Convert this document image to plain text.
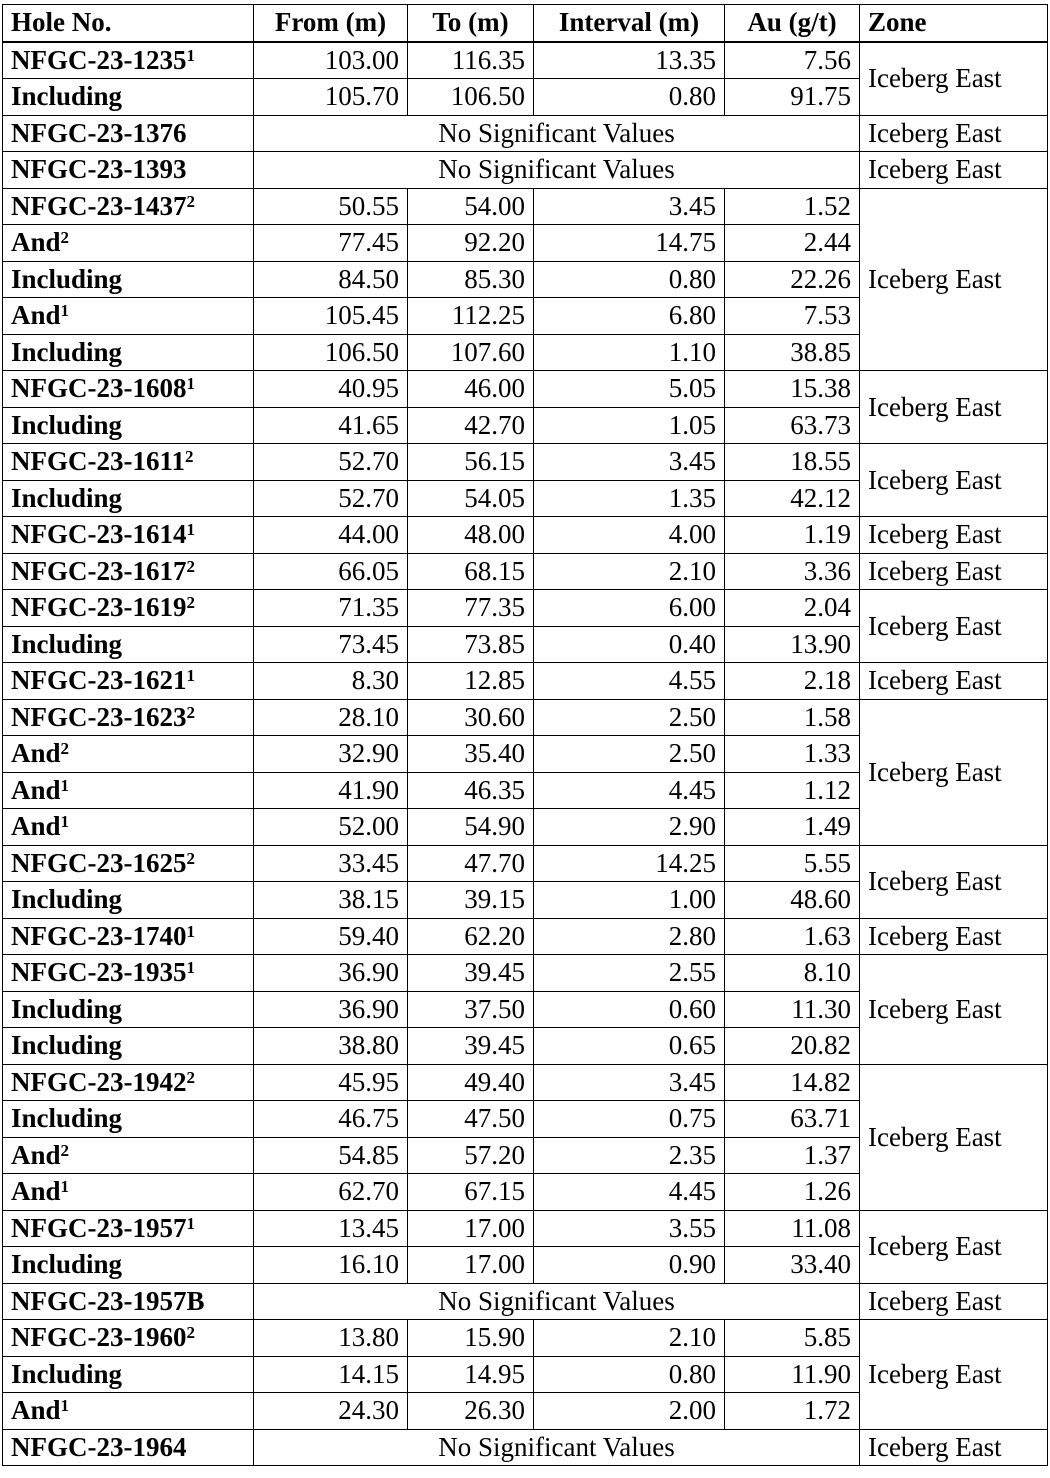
Hole No.	From (m)	To (m)	Interval (m)	Au (g/t)	Zone
NFGC-23-1235$^1$	103.00	116.35	13.35	7.56	Iceberg East
Including	105.70	106.50	0.80	91.75	
NFGC-23-1376	No Significant Values				Iceberg East
NFGC-23-1393	No Significant Values				Iceberg East
NFGC-23-1437$^2$	50.55	54.00	3.45	1.52	Iceberg East
And$^2$	77.45	92.20	14.75	2.44	
Including	84.50	85.30	0.80	22.26	
And$^1$	105.45	112.25	6.80	7.53	
Including	106.50	107.60	1.10	38.85	
NFGC-23-1608$^1$	40.95	46.00	5.05	15.38	Iceberg East
Including	41.65	42.70	1.05	63.73	
NFGC-23-1611$^2$	52.70	56.15	3.45	18.55	Iceberg East
Including	52.70	54.05	1.35	42.12	
NFGC-23-1614$^1$	44.00	48.00	4.00	1.19	Iceberg East
NFGC-23-1617$^2$	66.05	68.15	2.10	3.36	Iceberg East
NFGC-23-1619$^2$	71.35	77.35	6.00	2.04	Iceberg East
Including	73.45	73.85	0.40	13.90	
NFGC-23-1621$^1$	8.30	12.85	4.55	2.18	Iceberg East
NFGC-23-1623$^2$	28.10	30.60	2.50	1.58	Iceberg East
And$^2$	32.90	35.40	2.50	1.33	
And$^1$	41.90	46.35	4.45	1.12	
And$^1$	52.00	54.90	2.90	1.49	
NFGC-23-1625$^2$	33.45	47.70	14.25	5.55	Iceberg East
Including	38.15	39.15	1.00	48.60	
NFGC-23-1740$^1$	59.40	62.20	2.80	1.63	Iceberg East
NFGC-23-1935$^1$	36.90	39.45	2.55	8.10	Iceberg East
Including	36.90	37.50	0.60	11.30	
Including	38.80	39.45	0.65	20.82	
NFGC-23-1942$^2$	45.95	49.40	3.45	14.82	Iceberg East
Including	46.75	47.50	0.75	63.71	
And$^2$	54.85	57.20	2.35	1.37	
And$^1$	62.70	67.15	4.45	1.26	
NFGC-23-1957$^1$	13.45	17.00	3.55	11.08	Iceberg East
Including	16.10	17.00	0.90	33.40	
NFGC-23-1957B	No Significant Values				Iceberg East
NFGC-23-1960$^2$	13.80	15.90	2.10	5.85	Iceberg East
Including	14.15	14.95	0.80	11.90	
And$^1$	24.30	26.30	2.00	1.72	
NFGC-23-1964	No Significant Values				Iceberg East
